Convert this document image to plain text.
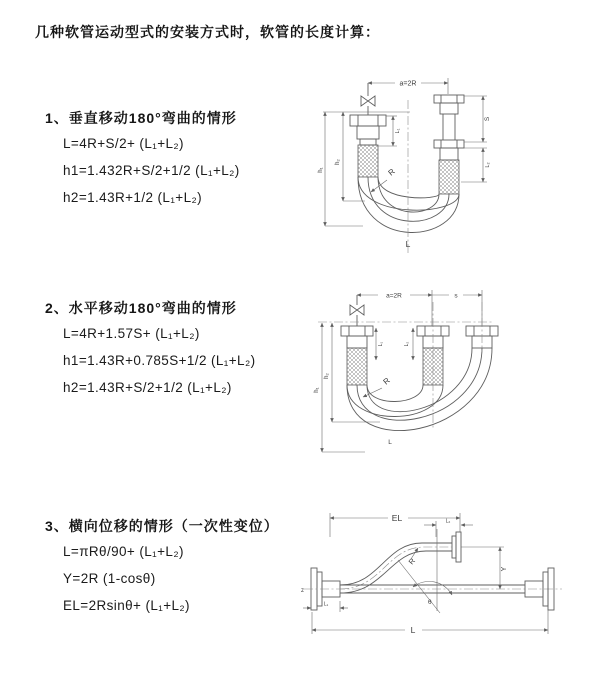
几种软管运动型式的安装方式时，软管的长度计算：
1、垂直移动180°弯曲的情形
L=4R+S/2+ (L₁+L₂)
h1=1.432R+S/2+1/2 (L₁+L₂)
h2=1.43R+1/2 (L₁+L₂)
2、水平移动180°弯曲的情形
L=4R+1.57S+ (L₁+L₂)
h1=1.43R+0.785S+1/2 (L₁+L₂)
h2=1.43R+S/2+1/2 (L₁+L₂)
3、横向位移的情形（一次性变位）
L=πRθ/90+ (L₁+L₂)
Y=2R (1-cosθ)
EL=2Rsinθ+ (L₁+L₂)
a=2R
R
L
h₁
h₂
L₁
S
L₂
a=2R	s
R
L
h₁
h₂
L₁	L₂
EL	L₂
z
Y
θ
R
L
L₁
